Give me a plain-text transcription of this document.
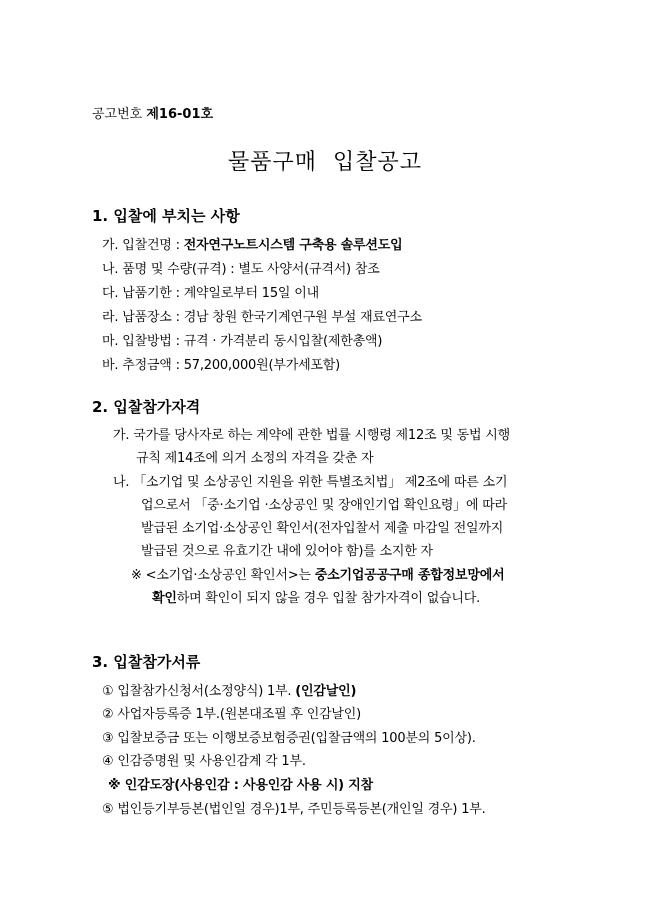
공고번호 제16-01호
물품구매  입찰공고
1. 입찰에 부치는 사항
가. 입찰건명 : 전자연구노트시스템 구축용 솔루션도입
나. 품명 및 수량(규격) : 별도 사양서(규격서) 참조
다. 납품기한 : 계약일로부터 15일 이내
라. 납품장소 : 경남 창원 한국기계연구원 부설 재료연구소
마. 입찰방법 : 규격 · 가격분리 동시입찰(제한총액)
바. 추정금액 : 57,200,000원(부가세포함)
2. 입찰참가자격
가. 국가를 당사자로 하는 계약에 관한 법률 시행령 제12조 및 동법 시행
규칙 제14조에 의거 소정의 자격을 갖춘 자
나. 「소기업 및 소상공인 지원을 위한 특별조치법」 제2조에 따른 소기
업으로서 「중·소기업 ·소상공인 및 장애인기업 확인요령」에 따라
발급된 소기업·소상공인 확인서(전자입찰서 제출 마감일 전일까지
발급된 것으로 유효기간 내에 있어야 함)를 소지한 자
※ <소기업·소상공인 확인서>는 중소기업공공구매 종합정보망에서
확인하며 확인이 되지 않을 경우 입찰 참가자격이 없습니다.
3. 입찰참가서류
① 입찰참가신청서(소정양식) 1부. (인감날인)
② 사업자등록증 1부.(원본대조필 후 인감날인)
③ 입찰보증금 또는 이행보증보험증권(입찰금액의 100분의 5이상).
④ 인감증명원 및 사용인감계 각 1부.
※ 인감도장(사용인감 : 사용인감 사용 시) 지참
⑤ 법인등기부등본(법인일 경우)1부, 주민등록등본(개인일 경우) 1부.
